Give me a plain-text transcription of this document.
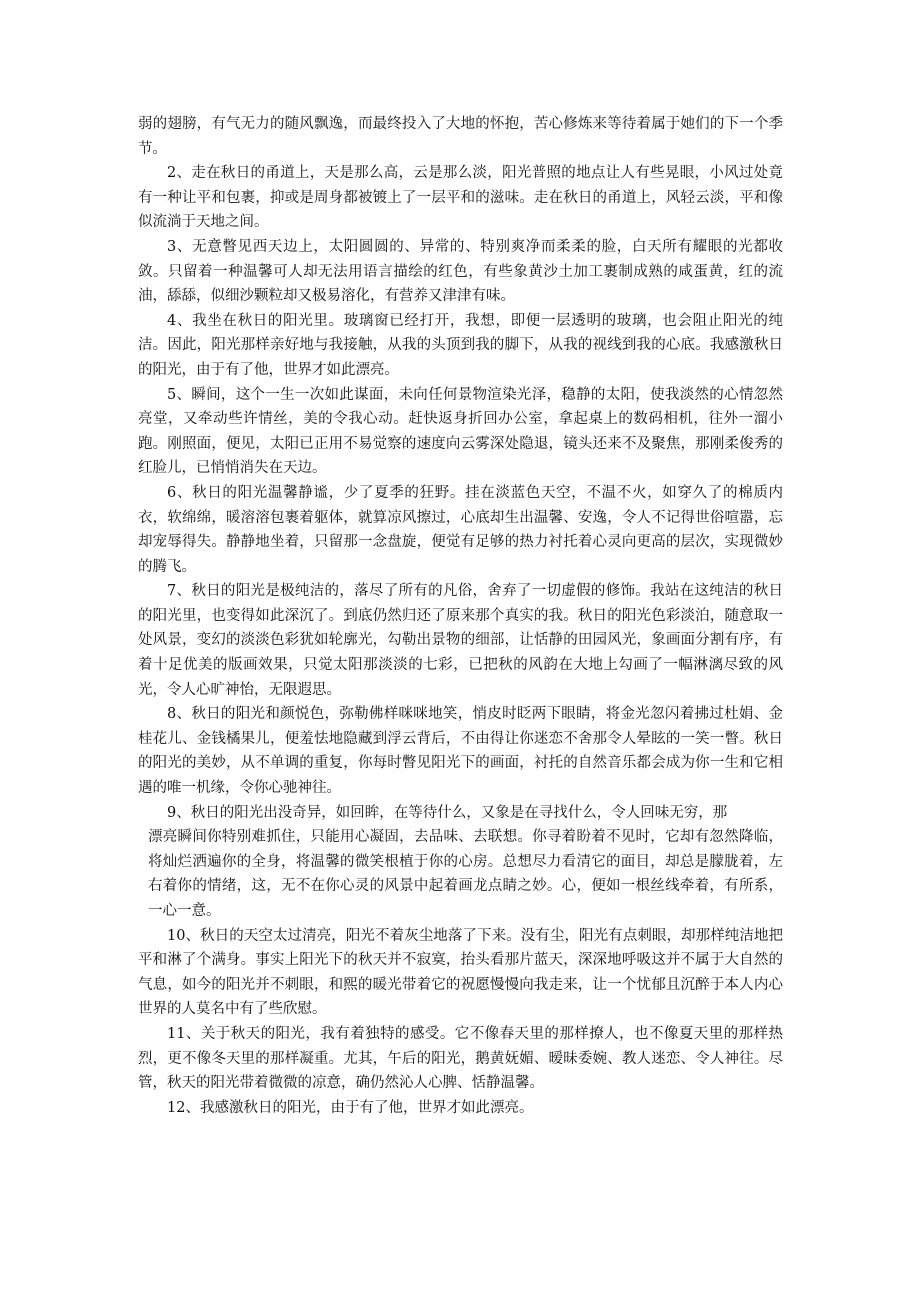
弱的翅膀，有气无力的随风飘逸，而最终投入了大地的怀抱，苦心修炼来等待着属于她们的下一个季节。

2、走在秋日的甬道上，天是那么高，云是那么淡，阳光普照的地点让人有些晃眼，小风过处竟有一种让平和包裹，抑或是周身都被镀上了一层平和的滋味。走在秋日的甬道上，风轻云淡，平和像似流淌于天地之间。

3、无意瞥见西天边上，太阳圆圆的、异常的、特别爽净而柔柔的脸，白天所有耀眼的光都收敛。只留着一种温馨可人却无法用语言描绘的红色，有些象黄沙土加工裹制成熟的咸蛋黄，红的流油，舔舔，似细沙颗粒却又极易溶化，有营养又津津有味。

4、我坐在秋日的阳光里。玻璃窗已经打开，我想，即便一层透明的玻璃，也会阻止阳光的纯洁。因此，阳光那样亲好地与我接触，从我的头顶到我的脚下，从我的视线到我的心底。我感激秋日的阳光，由于有了他，世界才如此漂亮。

5、瞬间，这个一生一次如此谋面，未向任何景物渲染光泽，稳静的太阳，使我淡然的心情忽然亮堂，又牵动些许情丝，美的令我心动。赶快返身折回办公室，拿起桌上的数码相机，往外一溜小跑。刚照面，便见，太阳已正用不易觉察的速度向云雾深处隐退，镜头还来不及聚焦，那刚柔俊秀的红脸儿，已悄悄消失在天边。

6、秋日的阳光温馨静谧，少了夏季的狂野。挂在淡蓝色天空，不温不火，如穿久了的棉质内衣，软绵绵，暖溶溶包裹着躯体，就算凉风擦过，心底却生出温馨、安逸，令人不记得世俗喧嚣，忘却宠辱得失。静静地坐着，只留那一念盘旋，便觉有足够的热力衬托着心灵向更高的层次，实现微妙的腾飞。

7、秋日的阳光是极纯洁的，落尽了所有的凡俗，舍弃了一切虚假的修饰。我站在这纯洁的秋日的阳光里，也变得如此深沉了。到底仍然归还了原来那个真实的我。秋日的阳光色彩淡泊，随意取一处风景，变幻的淡淡色彩犹如轮廓光，勾勒出景物的细部，让恬静的田园风光，象画面分割有序，有着十足优美的版画效果，只觉太阳那淡淡的七彩，已把秋的风韵在大地上勾画了一幅淋漓尽致的风光，令人心旷神怡，无限遐思。

8、秋日的阳光和颜悦色，弥勒佛样咪咪地笑，悄皮时眨两下眼睛，将金光忽闪着拂过杜娟、金桂花儿、金钱橘果儿，便羞怯地隐藏到浮云背后，不由得让你迷恋不舍那令人晕眩的一笑一瞥。秋日的阳光的美妙，从不单调的重复，你每时瞥见阳光下的画面，衬托的自然音乐都会成为你一生和它相遇的唯一机缘，令你心驰神往。

9、秋日的阳光出没奇异，如回眸，在等待什么，又象是在寻找什么，令人回味无穷，那

漂亮瞬间你特别难抓住，只能用心凝固，去品味、去联想。你寻着盼着不见时，它却有忽然降临，将灿烂洒遍你的全身，将温馨的微笑根植于你的心房。总想尽力看清它的面目，却总是朦胧着，左右着你的情绪，这，无不在你心灵的风景中起着画龙点睛之妙。心，便如一根丝线牵着，有所系，一心一意。

10、秋日的天空太过清亮，阳光不着灰尘地落了下来。没有尘，阳光有点刺眼，却那样纯洁地把平和淋了个满身。事实上阳光下的秋天并不寂寞，抬头看那片蓝天，深深地呼吸这并不属于大自然的气息，如今的阳光并不刺眼，和熙的暖光带着它的祝愿慢慢向我走来，让一个忧郁且沉醉于本人内心世界的人莫名中有了些欣慰。

11、关于秋天的阳光，我有着独特的感受。它不像春天里的那样撩人，也不像夏天里的那样热烈，更不像冬天里的那样凝重。尤其，午后的阳光，鹅黄妩媚、暧昧委婉、教人迷恋、令人神往。尽管，秋天的阳光带着微微的凉意，确仍然沁人心脾、恬静温馨。

12、我感激秋日的阳光，由于有了他，世界才如此漂亮。
